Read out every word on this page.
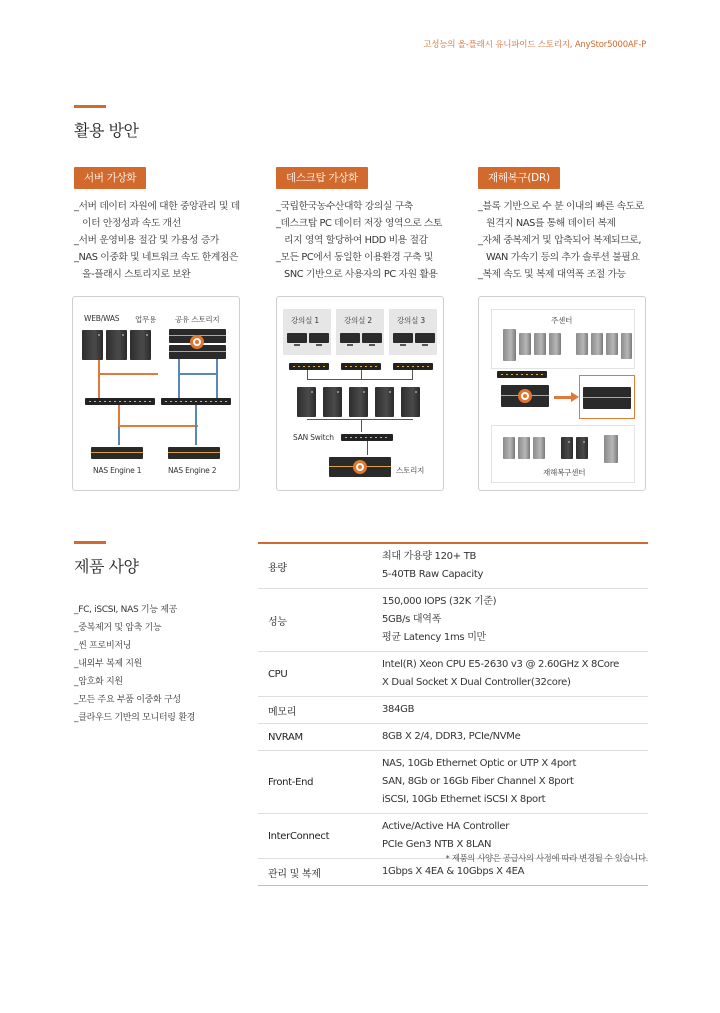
고성능의 올-플래시 유니파이드 스토리지, AnyStor5000AF-P
활용 방안
서버 가상화
_서버 데이터 자원에 대한 중앙관리 및 데이터 안정성과 속도 개선
_서버 운영비용 절감 및 가용성 증가
_NAS 이중화 및 네트워크 속도 한계점은 올-플래시 스토리지로 보완
데스크탑 가상화
_국립한국농수산대학 강의실 구축
_데스크탑 PC 데이터 저장 영역으로 스토리지 영역 할당하여 HDD 비용 절감
_모든 PC에서 동일한 이용환경 구축 및 SNC 기반으로 사용자의 PC 자원 활용
재해복구(DR)
_블록 기반으로 수 분 이내의 빠른 속도로 원격지 NAS를 통해 데이터 복제
_자체 중복제거 및 압축되어 복제되므로, WAN 가속기 등의 추가 솔루션 불필요
_복제 속도 및 복제 대역폭 조절 가능
WEB/WAS 업무용	공유 스토리지
NAS Engine 1	NAS Engine 2
강의실 1	강의실 2	강의실 3
SAN Switch
스토리지
주센터
재해복구센터
제품 사양
_FC, iSCSI, NAS 기능 제공
_중복제거 및 압축 기능
_씬 프로비저닝
_내외부 복제 지원
_암호화 지원
_모든 주요 부품 이중화 구성
_클라우드 기반의 모니터링 환경
용량	최대 가용량 120+ TB
5-40TB Raw Capacity

성능	150,000 IOPS (32K 기준)
5GB/s 대역폭
평균 Latency 1ms 미만

CPU	Intel(R) Xeon CPU E5-2630 v3 @ 2.60GHz X 8Core
X Dual Socket X Dual Controller(32core)

메모리	384GB

NVRAM	8GB X 2/4, DDR3, PCIe/NVMe

Front-End	NAS, 10Gb Ethernet Optic or UTP X 4port
SAN, 8Gb or 16Gb Fiber Channel X 8port
iSCSI, 10Gb Ethernet iSCSI X 8port

InterConnect	Active/Active HA Controller
PCIe Gen3 NTB X 8LAN

관리 및 복제	1Gbps X 4EA & 10Gbps X 4EA
* 제품의 사양은 공급사의 사정에 따라 변경될 수 있습니다.
